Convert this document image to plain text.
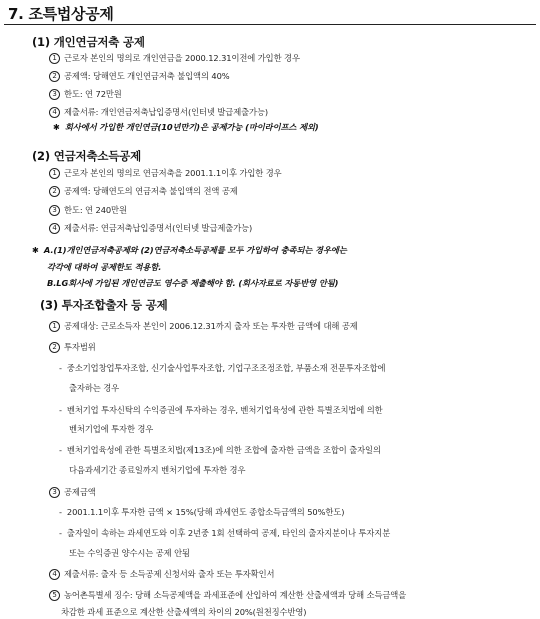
7. 조특법상공제
(1) 개인연금저축 공제
1 근로자 본인의 명의로 개인연금을 2000.12.31이전에 가입한 경우
2 공제액: 당해연도 개인연금저축 불입액의 40%
3 한도: 연 72만원
4 제출서류: 개인연금저축납입증명서(인터넷 발급제출가능)
✱ 회사에서 가입한 개인연금(10년만기)은 공제가능 (마이라이프스 제외)
(2) 연금저축소득공제
1 근로자 본인의 명의로 연금저축을 2001.1.1이후 가입한 경우
2 공제액: 당해연도의 연금저축 불입액의 전액 공제
3 한도: 연 240만원
4 제출서류: 연금저축납입증명서(인터넷 발급제출가능)
✱ A.(1)개인연금저축공제와 (2)연금저축소득공제를 모두 가입하여 충족되는 경우에는
각각에 대하여 공제한도 적용함.
B.LG회사에 가입된 개인연금도 영수증 제출해야 함. (회사자료로 자동반영 안됨)
(3) 투자조합출자 등 공제
1 공제대상: 근로소득자 본인이 2006.12.31까지 출자 또는 투자한 금액에 대해 공제
2 투자범위
- 중소기업창업투자조합, 신기술사업투자조합, 기업구조조정조합, 부품소재 전문투자조합에
출자하는 경우
- 벤처기업 투자신탁의 수익증권에 투자하는 경우, 벤처기업육성에 관한 특별조치법에 의한
벤처기업에 투자한 경우
- 벤처기업육성에 관한 특별조치법(제13조)에 의한 조합에 출자한 금액을 조합이 출자일의
다음과세기간 종료일까지 벤처기업에 투자한 경우
3 공제금액
- 2001.1.1이후 투자한 금액 × 15%(당해 과세연도 종합소득금액의 50%한도)
- 출자일이 속하는 과세연도와 이후 2년중 1회 선택하여 공제, 타인의 출자지분이나 투자지분
또는 수익증권 양수시는 공제 안됨
4 제출서류: 출자 등 소득공제 신청서와 출자 또는 투자확인서
5 농어촌특별세 징수: 당해 소득공제액을 과세표준에 산입하여 계산한 산출세액과 당해 소득금액을
차감한 과세 표준으로 계산한 산출세액의 차이의 20%(원천징수반영)
